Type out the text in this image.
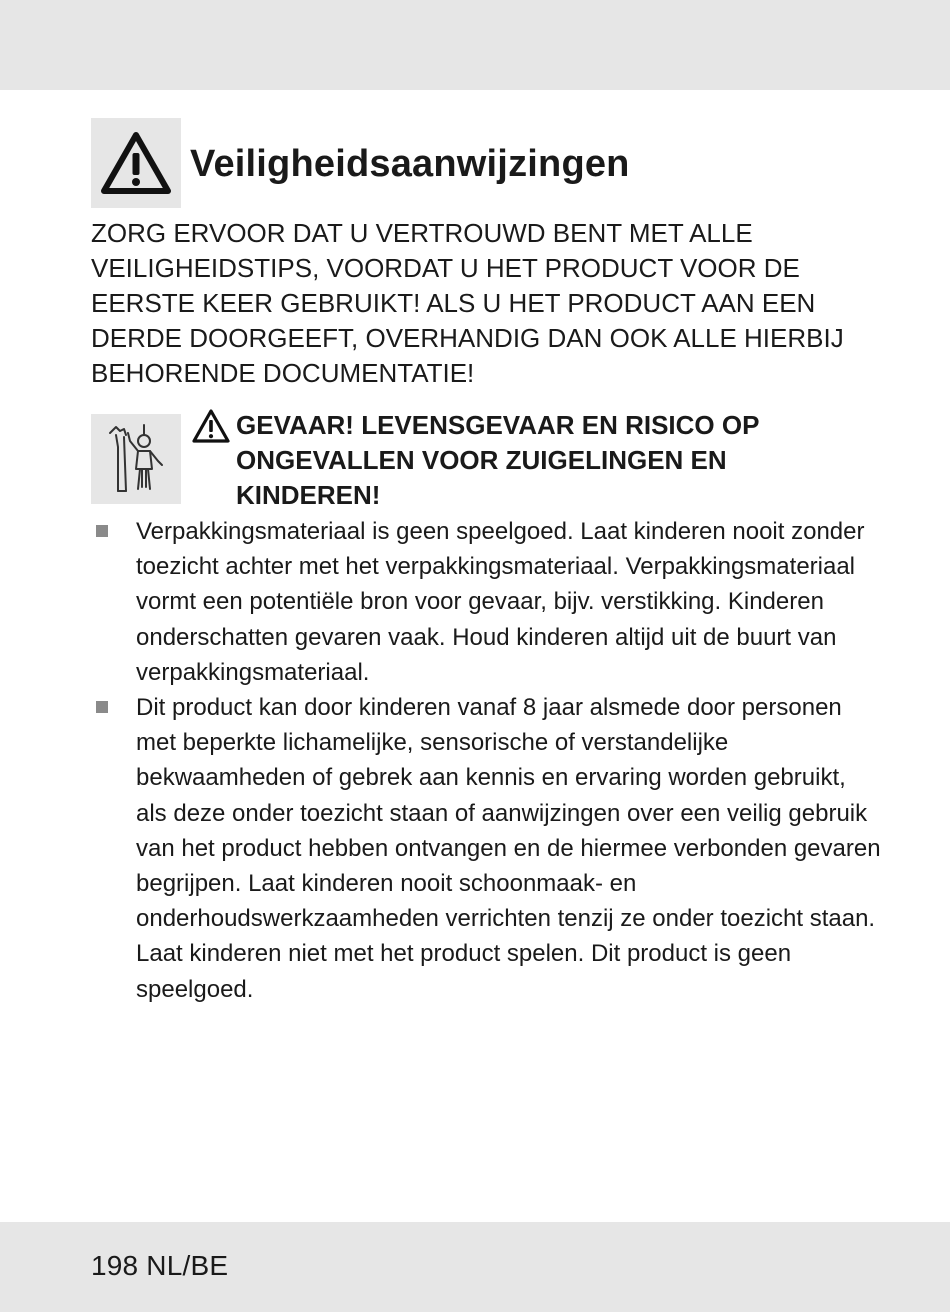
Veiligheidsaanwijzingen

ZORG ERVOOR DAT U VERTROUWD BENT MET ALLE VEILIGHEIDSTIPS, VOORDAT U HET PRODUCT VOOR DE EERSTE KEER GEBRUIKT! ALS U HET PRODUCT AAN EEN DERDE DOORGEEFT, OVERHANDIG DAN OOK ALLE HIERBIJ BEHORENDE DOCUMENTATIE!

GEVAAR! LEVENSGEVAAR EN RISICO OP ONGEVALLEN VOOR ZUIGELINGEN EN KINDEREN!

Verpakkingsmateriaal is geen speelgoed. Laat kinderen nooit zonder toezicht achter met het verpakkingsmateriaal. Verpakkingsmateriaal vormt een potentiële bron voor gevaar, bijv. verstikking. Kinderen onderschatten gevaren vaak. Houd kinderen altijd uit de buurt van verpakkingsmateriaal.
Dit product kan door kinderen vanaf 8 jaar alsmede door personen met beperkte lichamelijke, sensorische of verstandelijke bekwaamheden of gebrek aan kennis en ervaring worden gebruikt, als deze onder toezicht staan of aanwijzingen over een veilig gebruik van het product hebben ontvangen en de hiermee verbonden gevaren begrijpen. Laat kinderen nooit schoonmaak- en onderhoudswerkzaamheden verrichten tenzij ze onder toezicht staan. Laat kinderen niet met het product spelen. Dit product is geen speelgoed.
198 NL/BE
